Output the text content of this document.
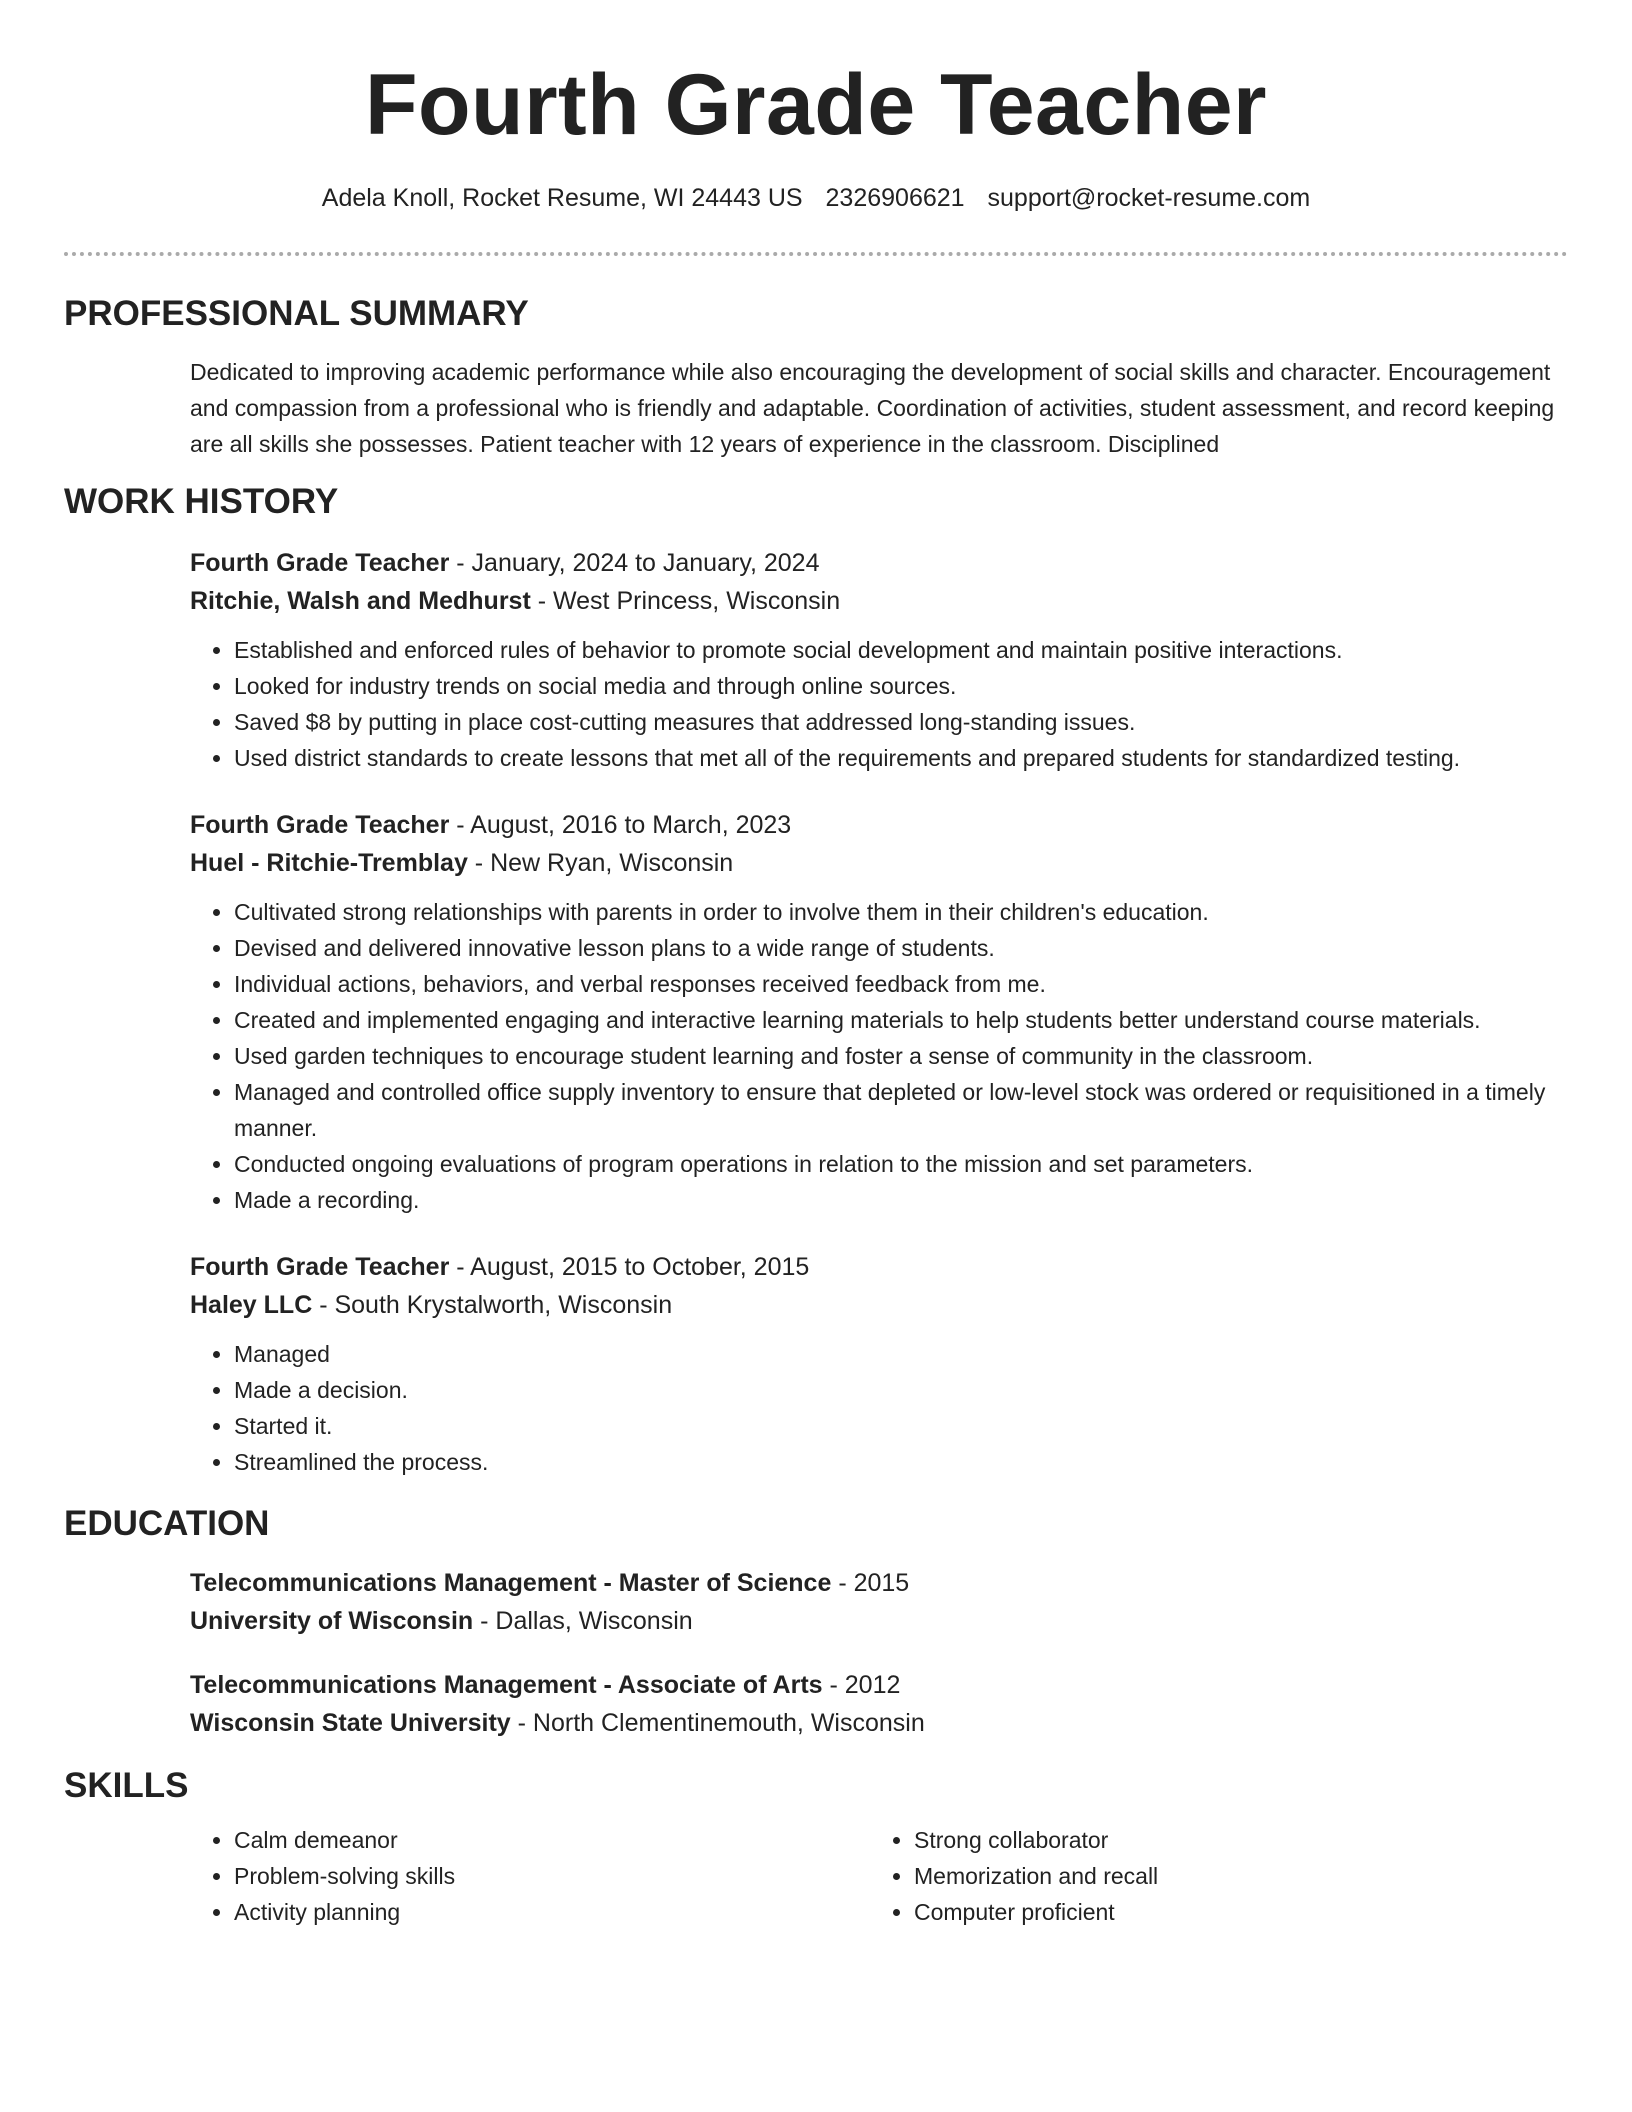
Fourth Grade Teacher
Adela Knoll, Rocket Resume, WI 24443 US 2326906621 support@rocket-resume.com
PROFESSIONAL SUMMARY
Dedicated to improving academic performance while also encouraging the development of social skills and character. Encouragement and compassion from a professional who is friendly and adaptable. Coordination of activities, student assessment, and record keeping are all skills she possesses. Patient teacher with 12 years of experience in the classroom. Disciplined
WORK HISTORY
Fourth Grade Teacher - January, 2024 to January, 2024
Ritchie, Walsh and Medhurst - West Princess, Wisconsin
• Established and enforced rules of behavior to promote social development and maintain positive interactions.
• Looked for industry trends on social media and through online sources.
• Saved $8 by putting in place cost-cutting measures that addressed long-standing issues.
• Used district standards to create lessons that met all of the requirements and prepared students for standardized testing.
Fourth Grade Teacher - August, 2016 to March, 2023
Huel - Ritchie-Tremblay - New Ryan, Wisconsin
• Cultivated strong relationships with parents in order to involve them in their children's education.
• Devised and delivered innovative lesson plans to a wide range of students.
• Individual actions, behaviors, and verbal responses received feedback from me.
• Created and implemented engaging and interactive learning materials to help students better understand course materials.
• Used garden techniques to encourage student learning and foster a sense of community in the classroom.
• Managed and controlled office supply inventory to ensure that depleted or low-level stock was ordered or requisitioned in a timely manner.
• Conducted ongoing evaluations of program operations in relation to the mission and set parameters.
• Made a recording.
Fourth Grade Teacher - August, 2015 to October, 2015
Haley LLC - South Krystalworth, Wisconsin
• Managed
• Made a decision.
• Started it.
• Streamlined the process.
EDUCATION
Telecommunications Management - Master of Science - 2015
University of Wisconsin - Dallas, Wisconsin
Telecommunications Management - Associate of Arts - 2012
Wisconsin State University - North Clementinemouth, Wisconsin
SKILLS
• Calm demeanor
• Problem-solving skills
• Activity planning
• Strong collaborator
• Memorization and recall
• Computer proficient
